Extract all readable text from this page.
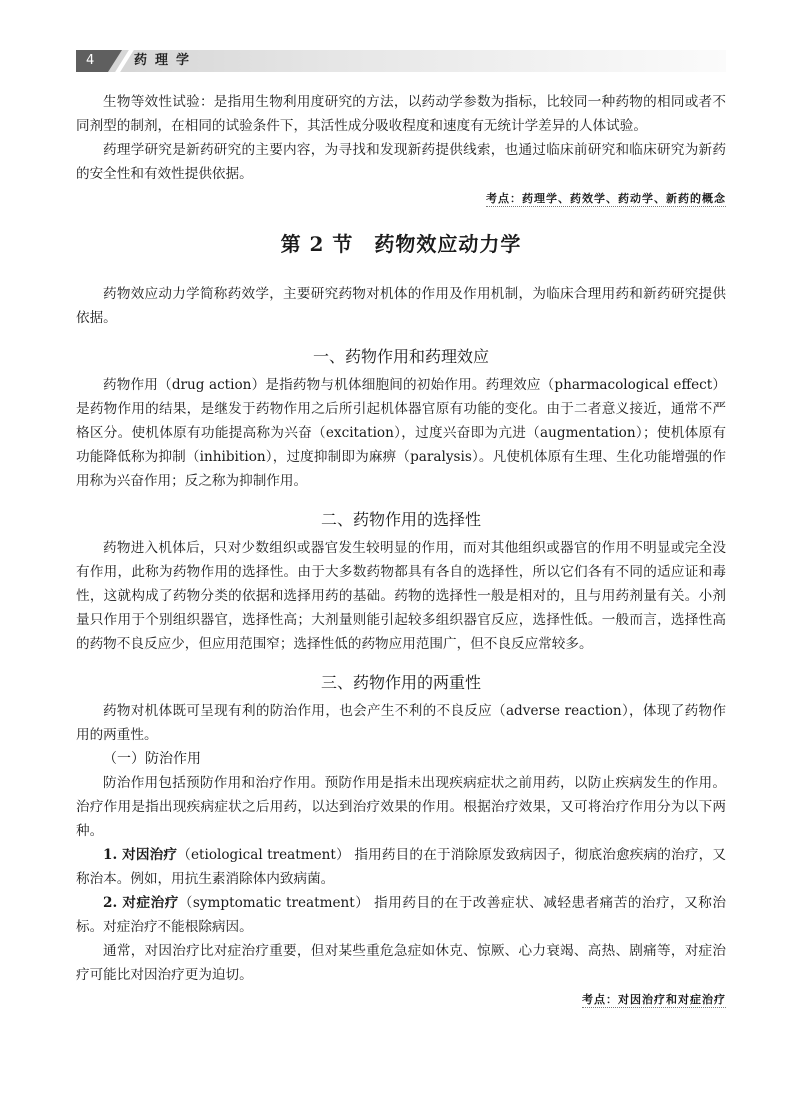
4	药理学

生物等效性试验：是指用生物利用度研究的方法，以药动学参数为指标，比较同一种药物的相同或者不同剂型的制剂，在相同的试验条件下，其活性成分吸收程度和速度有无统计学差异的人体试验。

药理学研究是新药研究的主要内容，为寻找和发现新药提供线索，也通过临床前研究和临床研究为新药的安全性和有效性提供依据。

考点：药理学、药效学、药动学、新药的概念
第 2 节　药物效应动力学

药物效应动力学简称药效学，主要研究药物对机体的作用及作用机制，为临床合理用药和新药研究提供依据。

一、药物作用和药理效应

药物作用（drug action）是指药物与机体细胞间的初始作用。药理效应（pharmacological effect）是药物作用的结果，是继发于药物作用之后所引起机体器官原有功能的变化。由于二者意义接近，通常不严格区分。使机体原有功能提高称为兴奋（excitation），过度兴奋即为亢进（augmentation）；使机体原有功能降低称为抑制（inhibition），过度抑制即为麻痹（paralysis）。凡使机体原有生理、生化功能增强的作用称为兴奋作用；反之称为抑制作用。

二、药物作用的选择性

药物进入机体后，只对少数组织或器官发生较明显的作用，而对其他组织或器官的作用不明显或完全没有作用，此称为药物作用的选择性。由于大多数药物都具有各自的选择性，所以它们各有不同的适应证和毒性，这就构成了药物分类的依据和选择用药的基础。药物的选择性一般是相对的，且与用药剂量有关。小剂量只作用于个别组织器官，选择性高；大剂量则能引起较多组织器官反应，选择性低。一般而言，选择性高的药物不良反应少，但应用范围窄；选择性低的药物应用范围广，但不良反应常较多。

三、药物作用的两重性

药物对机体既可呈现有利的防治作用，也会产生不利的不良反应（adverse reaction），体现了药物作用的两重性。

（一）防治作用

防治作用包括预防作用和治疗作用。预防作用是指未出现疾病症状之前用药，以防止疾病发生的作用。治疗作用是指出现疾病症状之后用药，以达到治疗效果的作用。根据治疗效果，又可将治疗作用分为以下两种。

1. 对因治疗（etiological treatment） 指用药目的在于消除原发致病因子，彻底治愈疾病的治疗，又称治本。例如，用抗生素消除体内致病菌。

2. 对症治疗（symptomatic treatment） 指用药目的在于改善症状、减轻患者痛苦的治疗，又称治标。对症治疗不能根除病因。

通常，对因治疗比对症治疗重要，但对某些重危急症如休克、惊厥、心力衰竭、高热、剧痛等，对症治疗可能比对因治疗更为迫切。

考点：对因治疗和对症治疗
